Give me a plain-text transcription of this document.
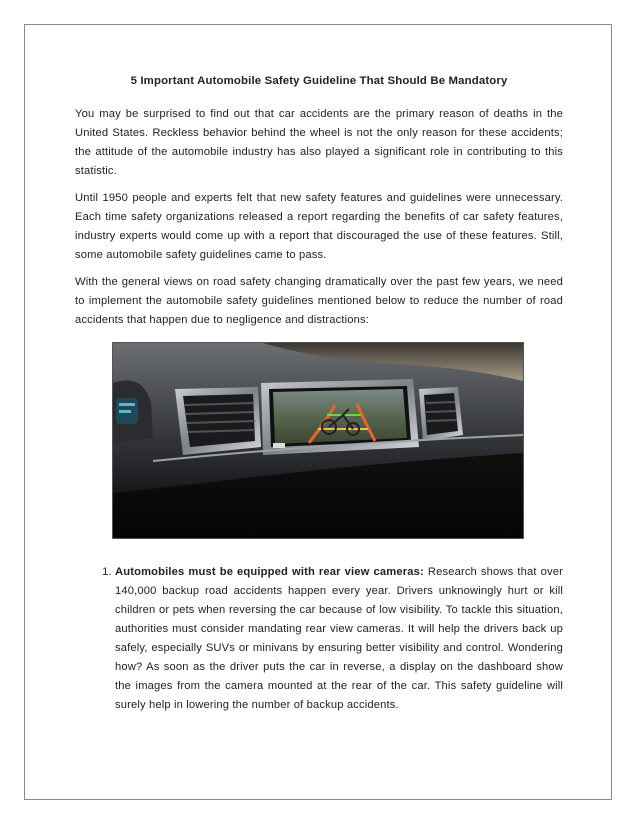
5 Important Automobile Safety Guideline That Should Be Mandatory

You may be surprised to find out that car accidents are the primary reason of deaths in the United States. Reckless behavior behind the wheel is not the only reason for these accidents; the attitude of the automobile industry has also played a significant role in contributing to this statistic.

Until 1950 people and experts felt that new safety features and guidelines were unnecessary. Each time safety organizations released a report regarding the benefits of car safety features, industry experts would come up with a report that discouraged the use of these features. Still, some automobile safety guidelines came to pass.

With the general views on road safety changing dramatically over the past few years, we need to implement the automobile safety guidelines mentioned below to reduce the number of road accidents that happen due to negligence and distractions:

1. Automobiles must be equipped with rear view cameras: Research shows that over 140,000 backup road accidents happen every year. Drivers unknowingly hurt or kill children or pets when reversing the car because of low visibility. To tackle this situation, authorities must consider mandating rear view cameras. It will help the drivers back up safely, especially SUVs or minivans by ensuring better visibility and control. Wondering how? As soon as the driver puts the car in reverse, a display on the dashboard show the images from the camera mounted at the rear of the car. This safety guideline will surely help in lowering the number of backup accidents.
